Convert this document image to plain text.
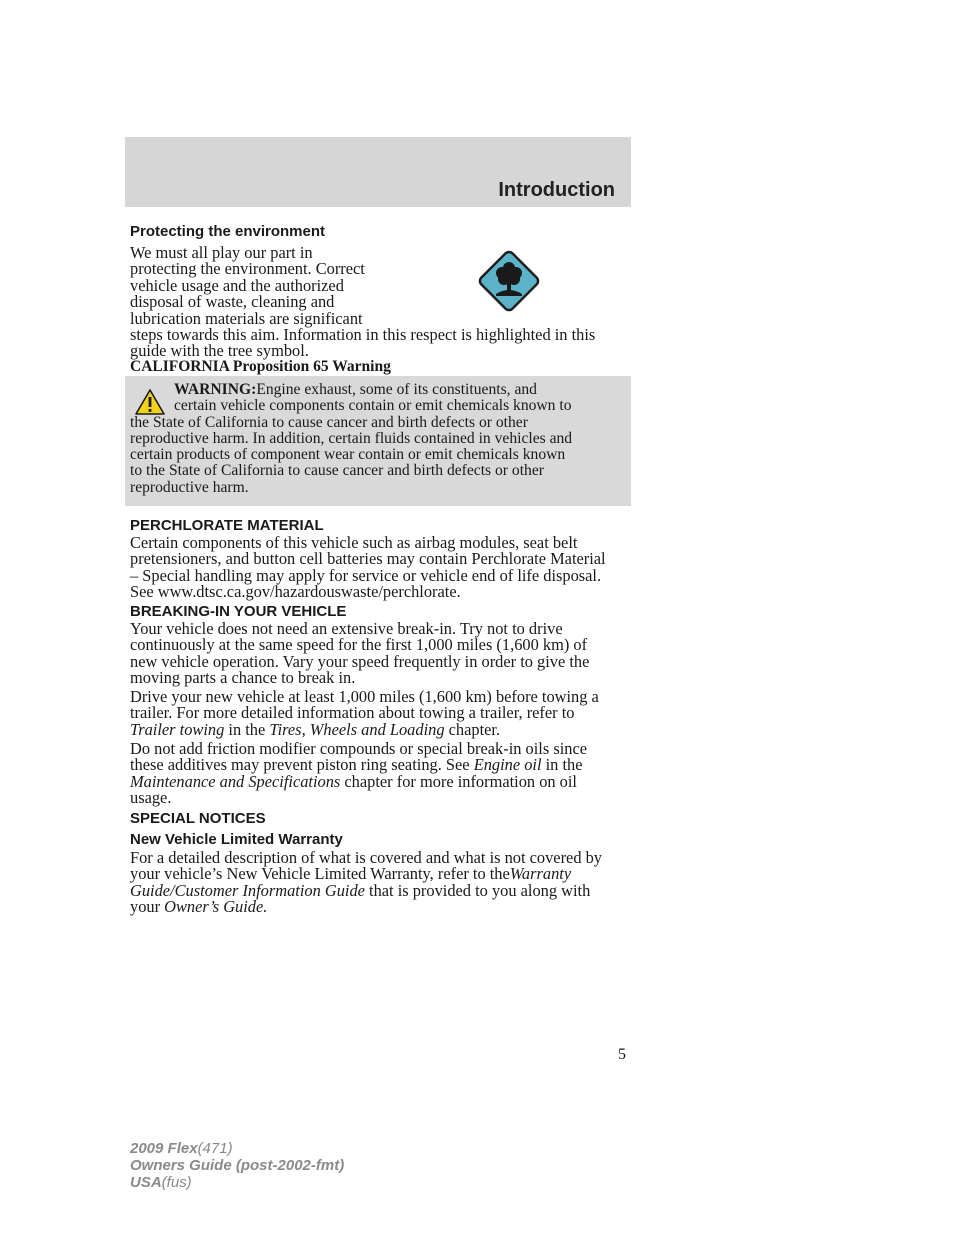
Introduction
Protecting the environment
We must all play our part in
protecting the environment. Correct
vehicle usage and the authorized
disposal of waste, cleaning and
lubrication materials are significant
steps towards this aim. Information in this respect is highlighted in this
guide with the tree symbol.
CALIFORNIA Proposition 65 Warning
WARNING:Engine exhaust, some of its constituents, and
certain vehicle components contain or emit chemicals known to
the State of California to cause cancer and birth defects or other
reproductive harm. In addition, certain fluids contained in vehicles and
certain products of component wear contain or emit chemicals known
to the State of California to cause cancer and birth defects or other
reproductive harm.
PERCHLORATE MATERIAL
Certain components of this vehicle such as airbag modules, seat belt
pretensioners, and button cell batteries may contain Perchlorate Material
– Special handling may apply for service or vehicle end of life disposal.
See www.dtsc.ca.gov/hazardouswaste/perchlorate.
BREAKING-IN YOUR VEHICLE
Your vehicle does not need an extensive break-in. Try not to drive
continuously at the same speed for the first 1,000 miles (1,600 km) of
new vehicle operation. Vary your speed frequently in order to give the
moving parts a chance to break in.
Drive your new vehicle at least 1,000 miles (1,600 km) before towing a
trailer. For more detailed information about towing a trailer, refer to
Trailer towing in the Tires, Wheels and Loading chapter.
Do not add friction modifier compounds or special break-in oils since
these additives may prevent piston ring seating. See Engine oil in the
Maintenance and Specifications chapter for more information on oil
usage.
SPECIAL NOTICES
New Vehicle Limited Warranty
For a detailed description of what is covered and what is not covered by
your vehicle’s New Vehicle Limited Warranty, refer to theWarranty
Guide/Customer Information Guide that is provided to you along with
your Owner’s Guide.
5
2009 Flex(471)
Owners Guide (post-2002-fmt)
USA(fus)
